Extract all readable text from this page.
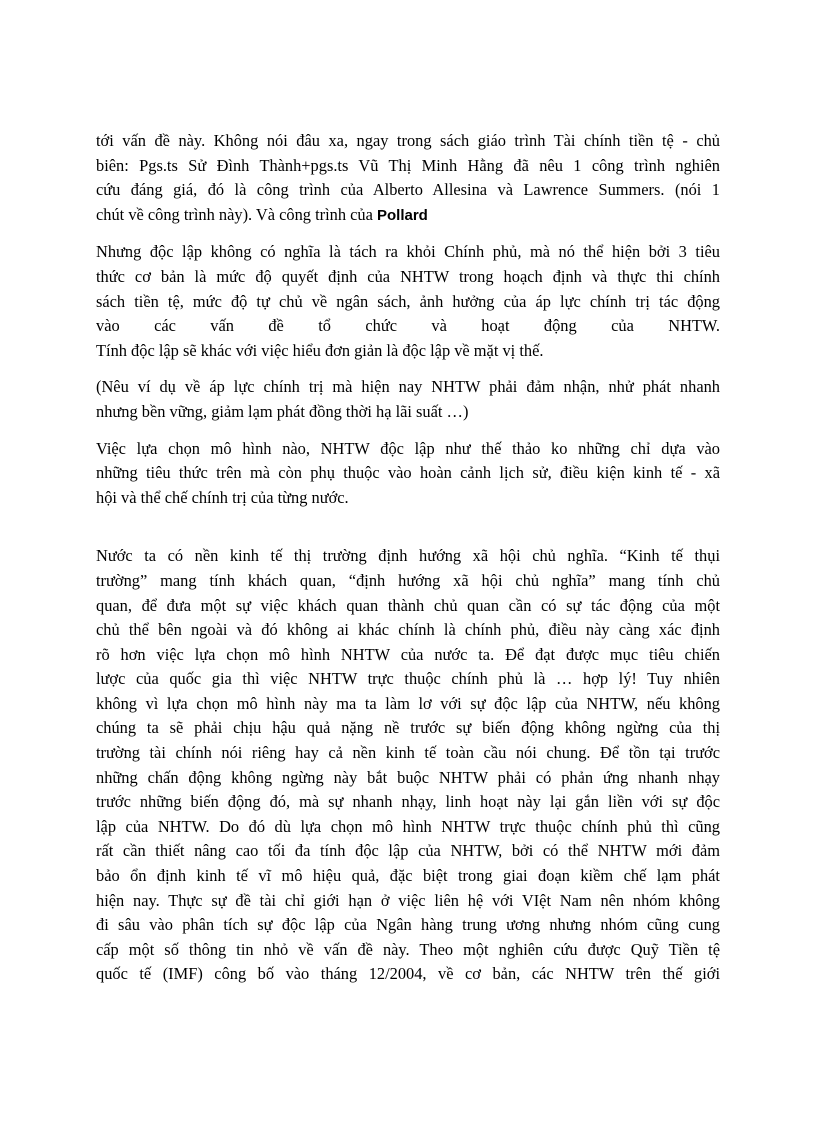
tới vấn đề này. Không nói đâu xa, ngay trong sách giáo trình Tài chính tiền tệ - chủ
biên: Pgs.ts Sử Đình Thành+pgs.ts Vũ Thị Minh Hằng đã nêu 1 công trình nghiên
cứu đáng giá, đó là công trình của Alberto Allesina và Lawrence Summers. (nói 1
chút về công trình này). Và công trình của Pollard
Nhưng độc lập không có nghĩa là tách ra khỏi Chính phủ, mà nó thể hiện bởi 3 tiêu
thức cơ bản là mức độ quyết định của NHTW trong hoạch định và thực thi chính
sách tiền tệ, mức độ tự chủ về ngân sách, ảnh hưởng của áp lực chính trị tác động
vào các vấn đề tổ chức và hoạt động của NHTW.
Tính độc lập sẽ khác với việc hiểu đơn giản là độc lập về mặt vị thế.
(Nêu ví dụ về áp lực chính trị mà hiện nay NHTW phải đảm nhận, nhử phát nhanh
nhưng bền vững, giảm lạm phát đồng thời hạ lãi suất …)
Việc lựa chọn mô hình nào, NHTW độc lập như thế thảo ko những chỉ dựa vào
những tiêu thức trên mà còn phụ thuộc vào hoàn cảnh lịch sử, điều kiện kinh tế - xã
hội và thể chế chính trị của từng nước.
Nước ta có nền kinh tế thị trường định hướng xã hội chủ nghĩa. “Kinh tế thụi
trường” mang tính khách quan, “định hướng xã hội chủ nghĩa” mang tính chủ
quan, để đưa một sự việc khách quan thành chủ quan cần có sự tác động của một
chủ thể bên ngoài và đó không ai khác chính là chính phủ, điều này càng xác định
rõ hơn việc lựa chọn mô hình NHTW của nước ta. Để đạt được mục tiêu chiến
lược của quốc gia thì việc NHTW trực thuộc chính phủ là … hợp lý! Tuy nhiên
không vì lựa chọn mô hình này ma ta làm lơ với sự độc lập của NHTW, nếu không
chúng ta sẽ phải chịu hậu quả nặng nề trước sự biến động không ngừng của thị
trường tài chính nói riêng hay cả nền kinh tế toàn cầu nói chung. Để tồn tại trước
những chấn động không ngừng này bắt buộc NHTW phải có phản ứng nhanh nhạy
trước những biến động đó, mà sự nhanh nhạy, linh hoạt này lại gắn liền với sự độc
lập của NHTW. Do đó dù lựa chọn mô hình NHTW trực thuộc chính phủ thì cũng
rất cần thiết nâng cao tối đa tính độc lập của NHTW, bởi có thể NHTW mới đảm
bảo ổn định kinh tế vĩ mô hiệu quả, đặc biệt trong giai đoạn kiềm chế lạm phát
hiện nay. Thực sự đề tài chỉ giới hạn ở việc liên hệ với VIệt Nam nên nhóm không
đi sâu vào phân tích sự độc lập của Ngân hàng trung ương nhưng nhóm cũng cung
cấp một số thông tin nhỏ về vấn đề này. Theo một nghiên cứu được Quỹ Tiền tệ
quốc tế (IMF) công bố vào tháng 12/2004, về cơ bản, các NHTW trên thế giới
